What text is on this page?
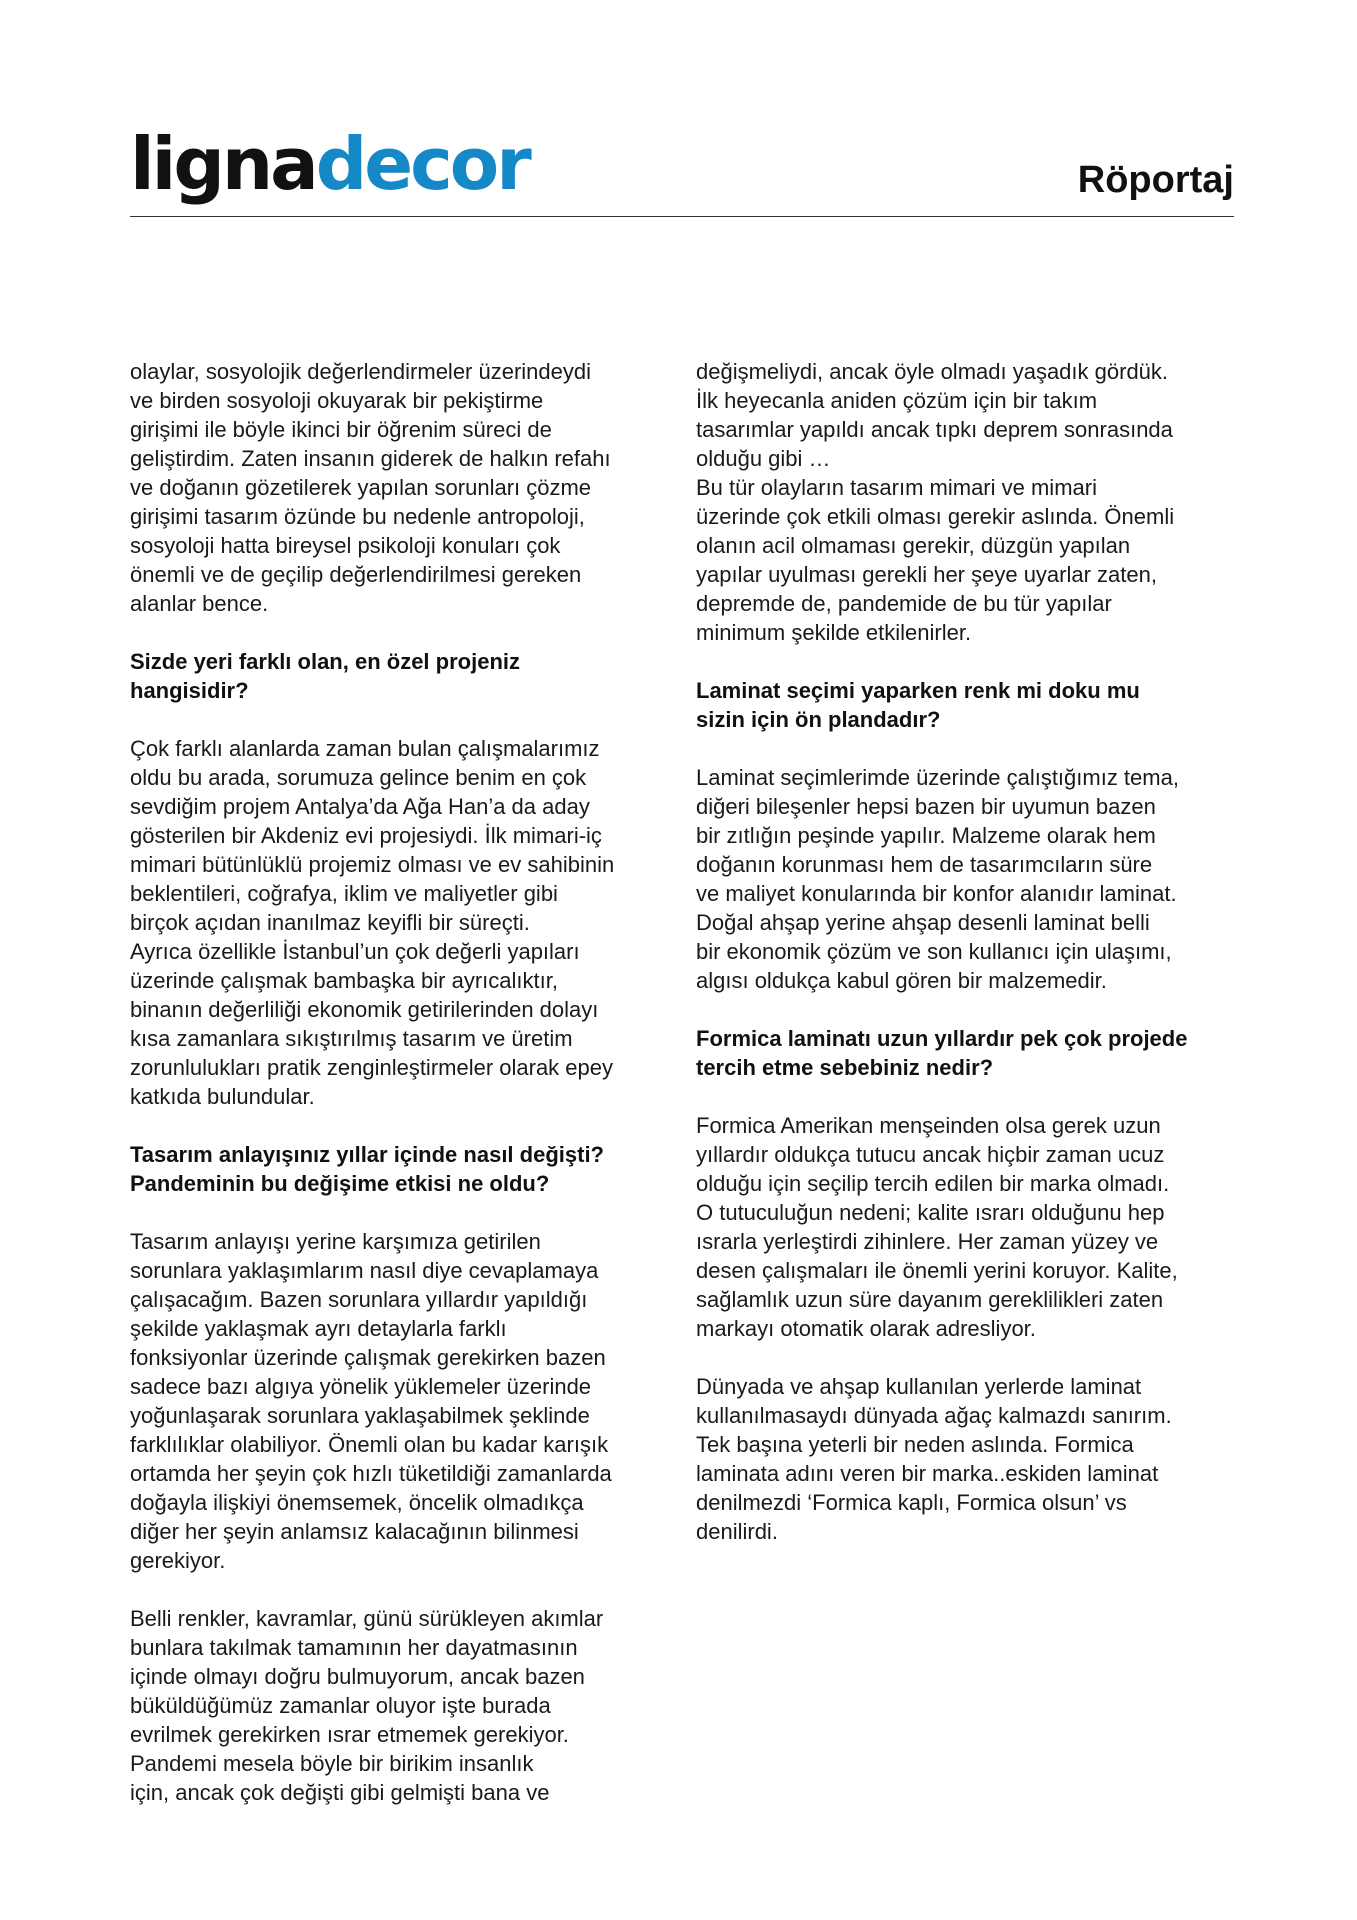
lignadecor	Röportaj

olaylar, sosyolojik değerlendirmeler üzerindeydi
ve birden sosyoloji okuyarak bir pekiştirme
girişimi ile böyle ikinci bir öğrenim süreci de
geliştirdim. Zaten insanın giderek de halkın refahı
ve doğanın gözetilerek yapılan sorunları çözme
girişimi tasarım özünde bu nedenle antropoloji,
sosyoloji hatta bireysel psikoloji konuları çok
önemli ve de geçilip değerlendirilmesi gereken
alanlar bence.

Sizde yeri farklı olan, en özel projeniz
hangisidir?

Çok farklı alanlarda zaman bulan çalışmalarımız
oldu bu arada, sorumuza gelince benim en çok
sevdiğim projem Antalya’da Ağa Han’a da aday
gösterilen bir Akdeniz evi projesiydi. İlk mimari-iç
mimari bütünlüklü projemiz olması ve ev sahibinin
beklentileri, coğrafya, iklim ve maliyetler gibi
birçok açıdan inanılmaz keyifli bir süreçti.
Ayrıca özellikle İstanbul’un çok değerli yapıları
üzerinde çalışmak bambaşka bir ayrıcalıktır,
binanın değerliliği ekonomik getirilerinden dolayı
kısa zamanlara sıkıştırılmış tasarım ve üretim
zorunlulukları pratik zenginleştirmeler olarak epey
katkıda bulundular.

Tasarım anlayışınız yıllar içinde nasıl değişti?
Pandeminin bu değişime etkisi ne oldu?

Tasarım anlayışı yerine karşımıza getirilen
sorunlara yaklaşımlarım nasıl diye cevaplamaya
çalışacağım. Bazen sorunlara yıllardır yapıldığı
şekilde yaklaşmak ayrı detaylarla farklı
fonksiyonlar üzerinde çalışmak gerekirken bazen
sadece bazı algıya yönelik yüklemeler üzerinde
yoğunlaşarak sorunlara yaklaşabilmek şeklinde
farklılıklar olabiliyor. Önemli olan bu kadar karışık
ortamda her şeyin çok hızlı tüketildiği zamanlarda
doğayla ilişkiyi önemsemek, öncelik olmadıkça
diğer her şeyin anlamsız kalacağının bilinmesi
gerekiyor.

Belli renkler, kavramlar, günü sürükleyen akımlar
bunlara takılmak tamamının her dayatmasının
içinde olmayı doğru bulmuyorum, ancak bazen
büküldüğümüz zamanlar oluyor işte burada
evrilmek gerekirken ısrar etmemek gerekiyor.
Pandemi mesela böyle bir birikim insanlık
için, ancak çok değişti gibi gelmişti bana ve

değişmeliydi, ancak öyle olmadı yaşadık gördük.
İlk heyecanla aniden çözüm için bir takım
tasarımlar yapıldı ancak tıpkı deprem sonrasında
olduğu gibi …

Bu tür olayların tasarım mimari ve mimari
üzerinde çok etkili olması gerekir aslında. Önemli
olanın acil olmaması gerekir, düzgün yapılan
yapılar uyulması gerekli her şeye uyarlar zaten,
depremde de, pandemide de bu tür yapılar
minimum şekilde etkilenirler.

Laminat seçimi yaparken renk mi doku mu
sizin için ön plandadır?

Laminat seçimlerimde üzerinde çalıştığımız tema,
diğeri bileşenler hepsi bazen bir uyumun bazen
bir zıtlığın peşinde yapılır. Malzeme olarak hem
doğanın korunması hem de tasarımcıların süre
ve maliyet konularında bir konfor alanıdır laminat.
Doğal ahşap yerine ahşap desenli laminat belli
bir ekonomik çözüm ve son kullanıcı için ulaşımı,
algısı oldukça kabul gören bir malzemedir.

Formica laminatı uzun yıllardır pek çok projede
tercih etme sebebiniz nedir?

Formica Amerikan menşeinden olsa gerek uzun
yıllardır oldukça tutucu ancak hiçbir zaman ucuz
olduğu için seçilip tercih edilen bir marka olmadı.
O tutuculuğun nedeni; kalite ısrarı olduğunu hep
ısrarla yerleştirdi zihinlere. Her zaman yüzey ve
desen çalışmaları ile önemli yerini koruyor. Kalite,
sağlamlık uzun süre dayanım gereklilikleri zaten
markayı otomatik olarak adresliyor.

Dünyada ve ahşap kullanılan yerlerde laminat
kullanılmasaydı dünyada ağaç kalmazdı sanırım.
Tek başına yeterli bir neden aslında. Formica
laminata adını veren bir marka..eskiden laminat
denilmezdi ‘Formica kaplı, Formica olsun’ vs
denilirdi.
